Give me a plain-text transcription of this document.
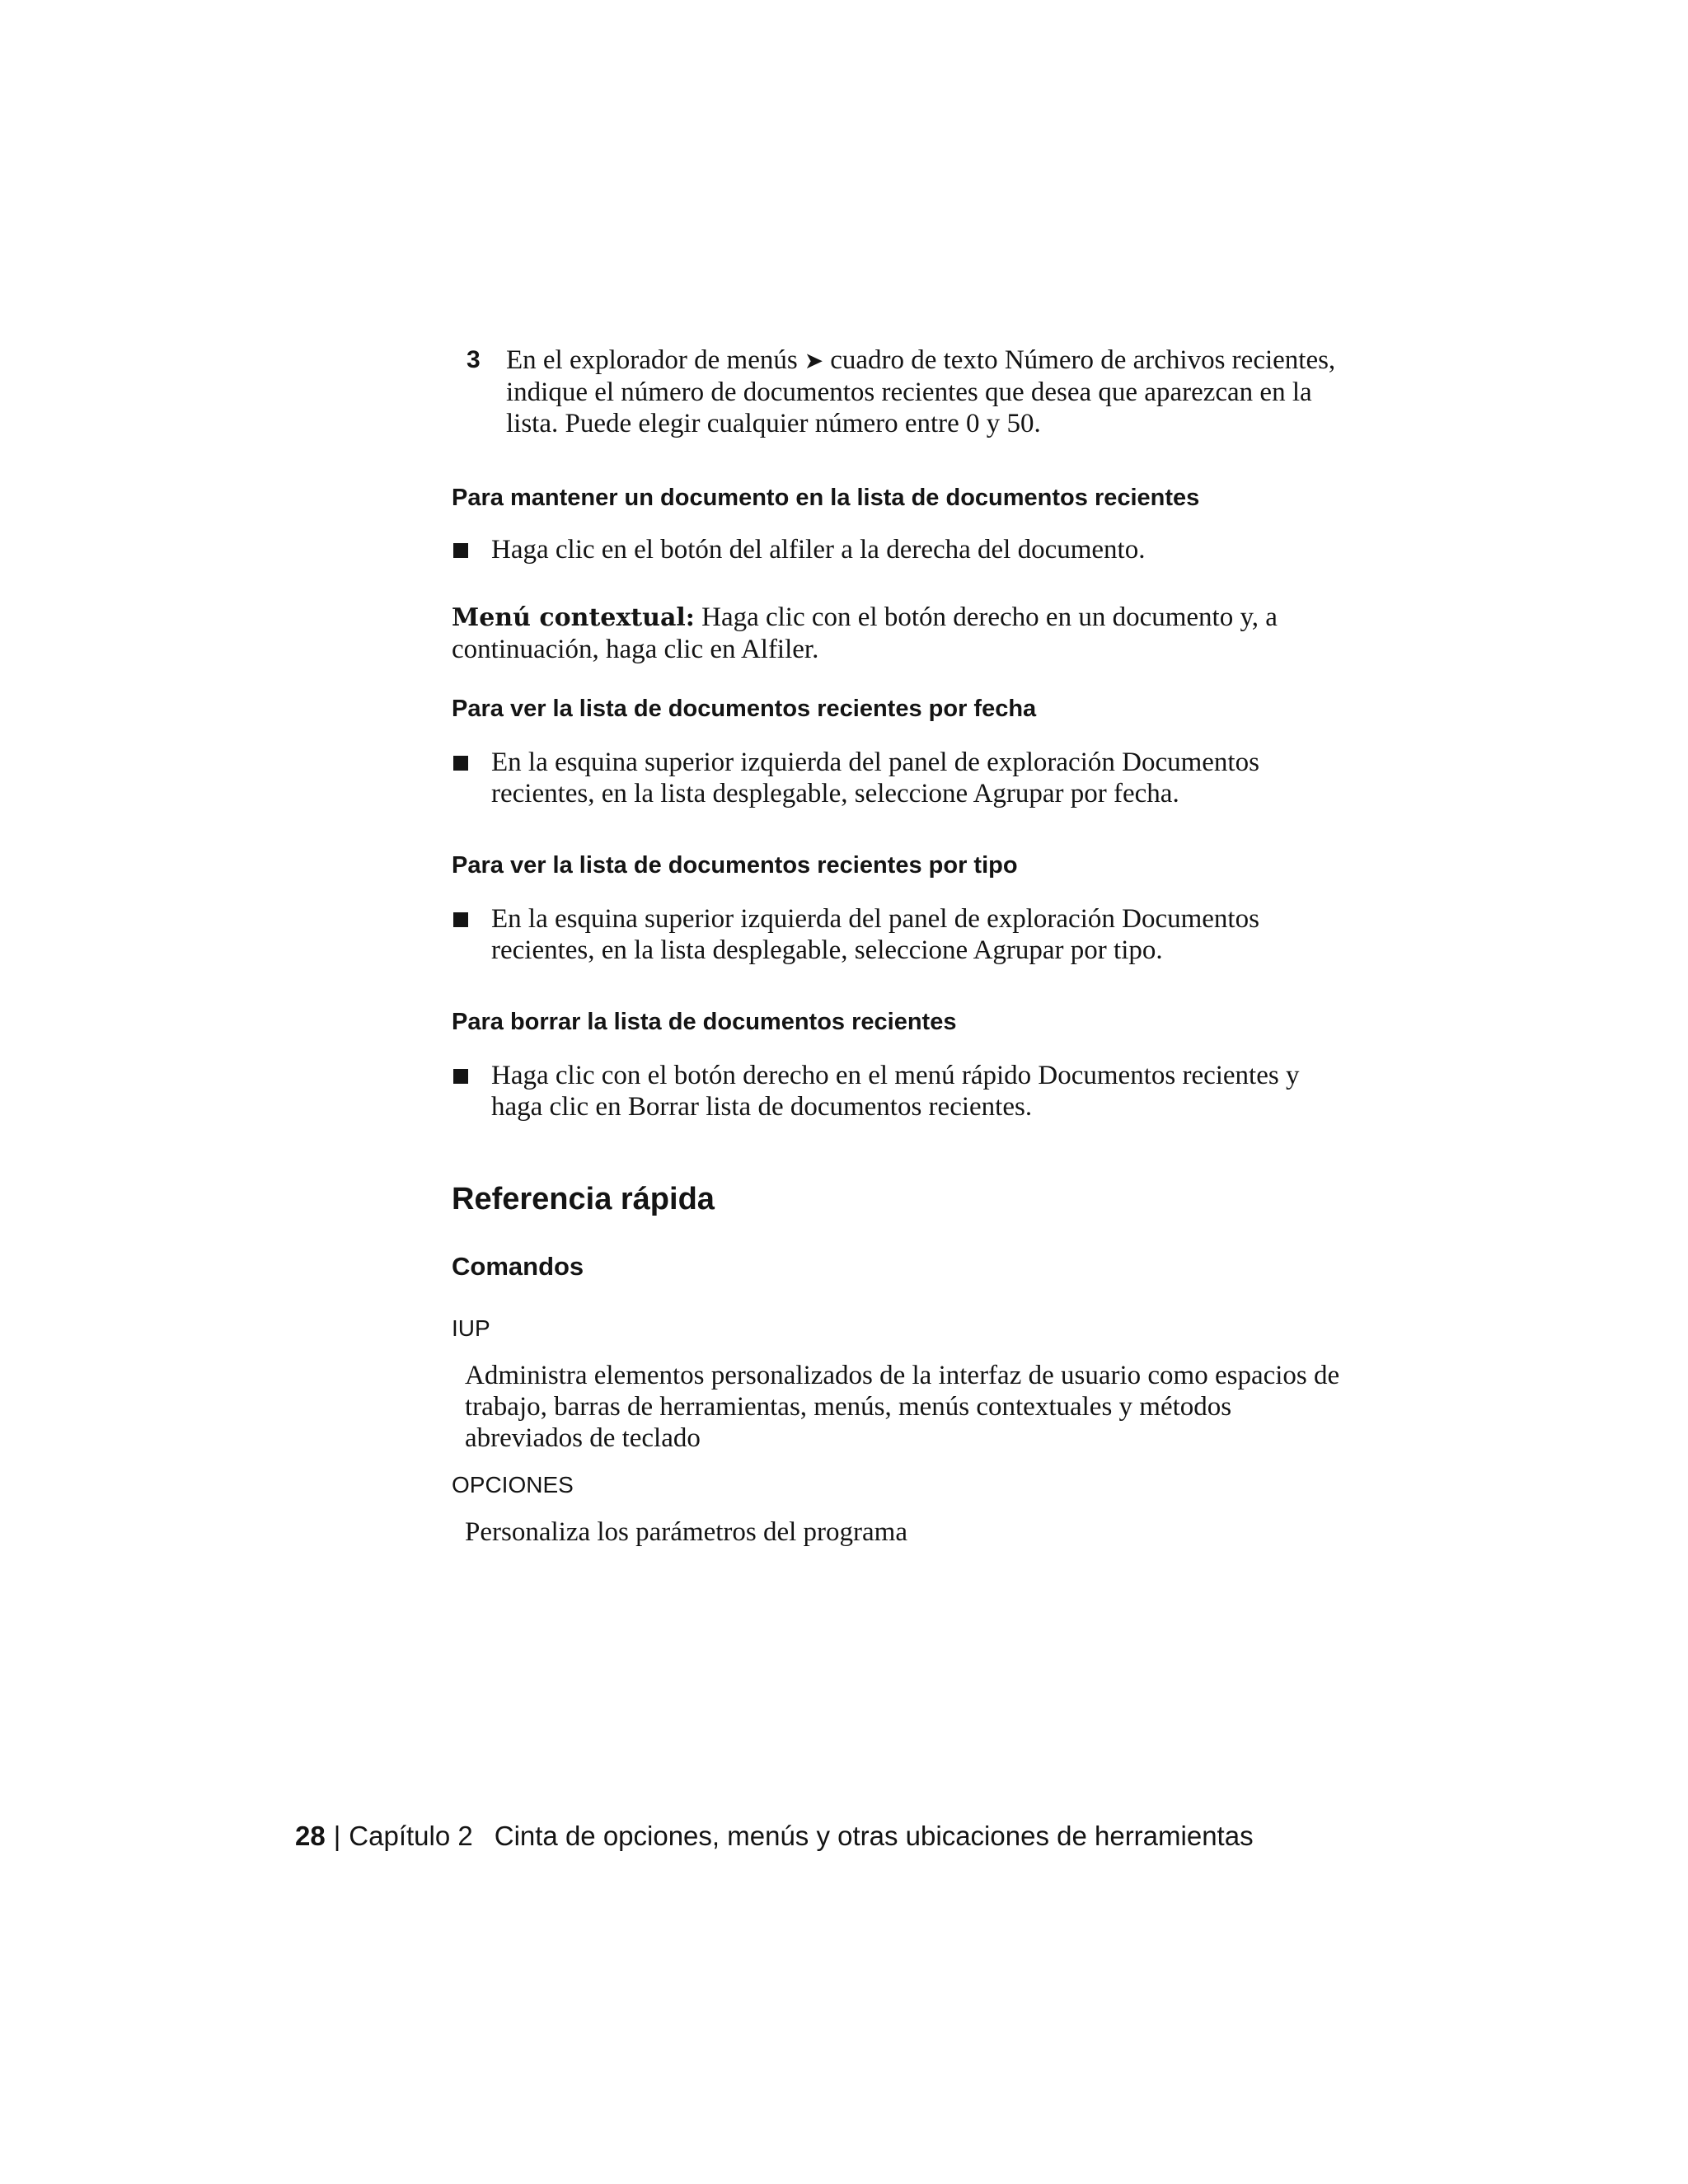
3 En el explorador de menús ➤ cuadro de texto Número de archivos recientes, indique el número de documentos recientes que desea que aparezcan en la lista. Puede elegir cualquier número entre 0 y 50.

Para mantener un documento en la lista de documentos recientes

Haga clic en el botón del alfiler a la derecha del documento.

Menú contextual: Haga clic con el botón derecho en un documento y, a continuación, haga clic en Alfiler.

Para ver la lista de documentos recientes por fecha

En la esquina superior izquierda del panel de exploración Documentos recientes, en la lista desplegable, seleccione Agrupar por fecha.

Para ver la lista de documentos recientes por tipo

En la esquina superior izquierda del panel de exploración Documentos recientes, en la lista desplegable, seleccione Agrupar por tipo.

Para borrar la lista de documentos recientes

Haga clic con el botón derecho en el menú rápido Documentos recientes y haga clic en Borrar lista de documentos recientes.

Referencia rápida
Comandos
IUP

Administra elementos personalizados de la interfaz de usuario como espacios de trabajo, barras de herramientas, menús, menús contextuales y métodos abreviados de teclado

OPCIONES

Personaliza los parámetros del programa

28 | Capítulo 2 Cinta de opciones, menús y otras ubicaciones de herramientas
